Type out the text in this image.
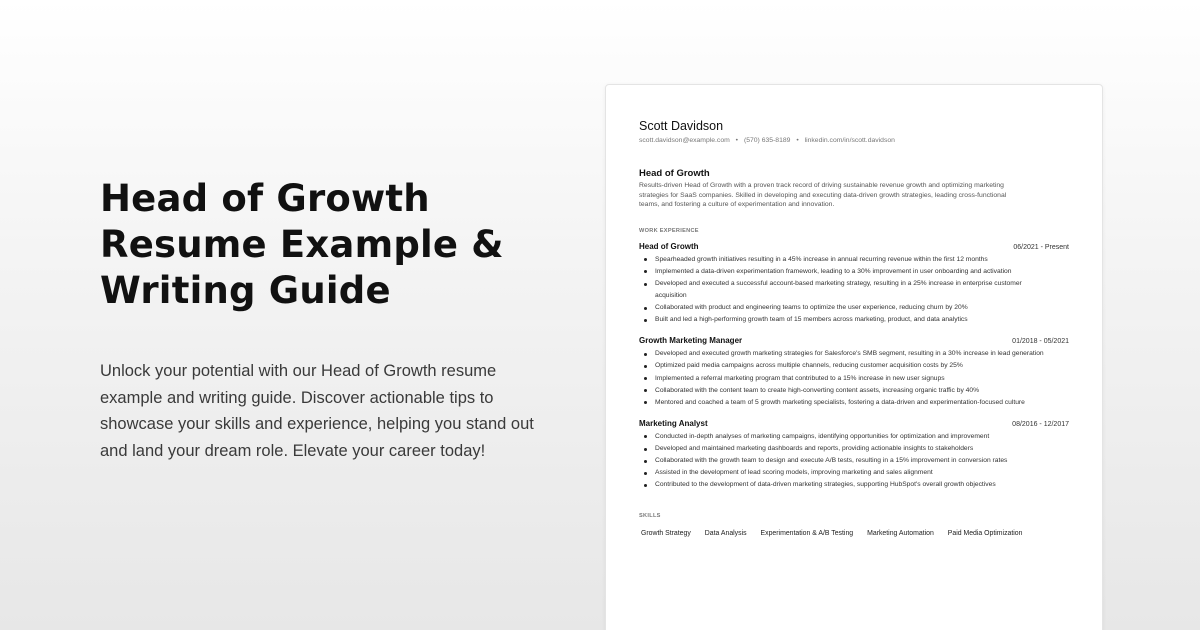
Head of Growth
Resume Example &
Writing Guide

Unlock your potential with our Head of Growth resume
example and writing guide. Discover actionable tips to
showcase your skills and experience, helping you stand out
and land your dream role. Elevate your career today!

Scott Davidson
scott.davidson@example.com • (570) 635-8189 • linkedin.com/in/scott.davidson
Head of Growth
Results-driven Head of Growth with a proven track record of driving sustainable revenue growth and optimizing marketing
strategies for SaaS companies. Skilled in developing and executing data-driven growth strategies, leading cross-functional
teams, and fostering a culture of experimentation and innovation.
WORK EXPERIENCE
Head of Growth	06/2021 - Present
Spearheaded growth initiatives resulting in a 45% increase in annual recurring revenue within the first 12 months
Implemented a data-driven experimentation framework, leading to a 30% improvement in user onboarding and activation
Developed and executed a successful account-based marketing strategy, resulting in a 25% increase in enterprise customer acquisition
Collaborated with product and engineering teams to optimize the user experience, reducing churn by 20%
Built and led a high-performing growth team of 15 members across marketing, product, and data analytics
Growth Marketing Manager	01/2018 - 05/2021
Developed and executed growth marketing strategies for Salesforce's SMB segment, resulting in a 30% increase in lead generation
Optimized paid media campaigns across multiple channels, reducing customer acquisition costs by 25%
Implemented a referral marketing program that contributed to a 15% increase in new user signups
Collaborated with the content team to create high-converting content assets, increasing organic traffic by 40%
Mentored and coached a team of 5 growth marketing specialists, fostering a data-driven and experimentation-focused culture
Marketing Analyst	08/2016 - 12/2017
Conducted in-depth analyses of marketing campaigns, identifying opportunities for optimization and improvement
Developed and maintained marketing dashboards and reports, providing actionable insights to stakeholders
Collaborated with the growth team to design and execute A/B tests, resulting in a 15% improvement in conversion rates
Assisted in the development of lead scoring models, improving marketing and sales alignment
Contributed to the development of data-driven marketing strategies, supporting HubSpot's overall growth objectives
SKILLS
Growth Strategy Data Analysis Experimentation & A/B Testing Marketing Automation Paid Media Optimization
